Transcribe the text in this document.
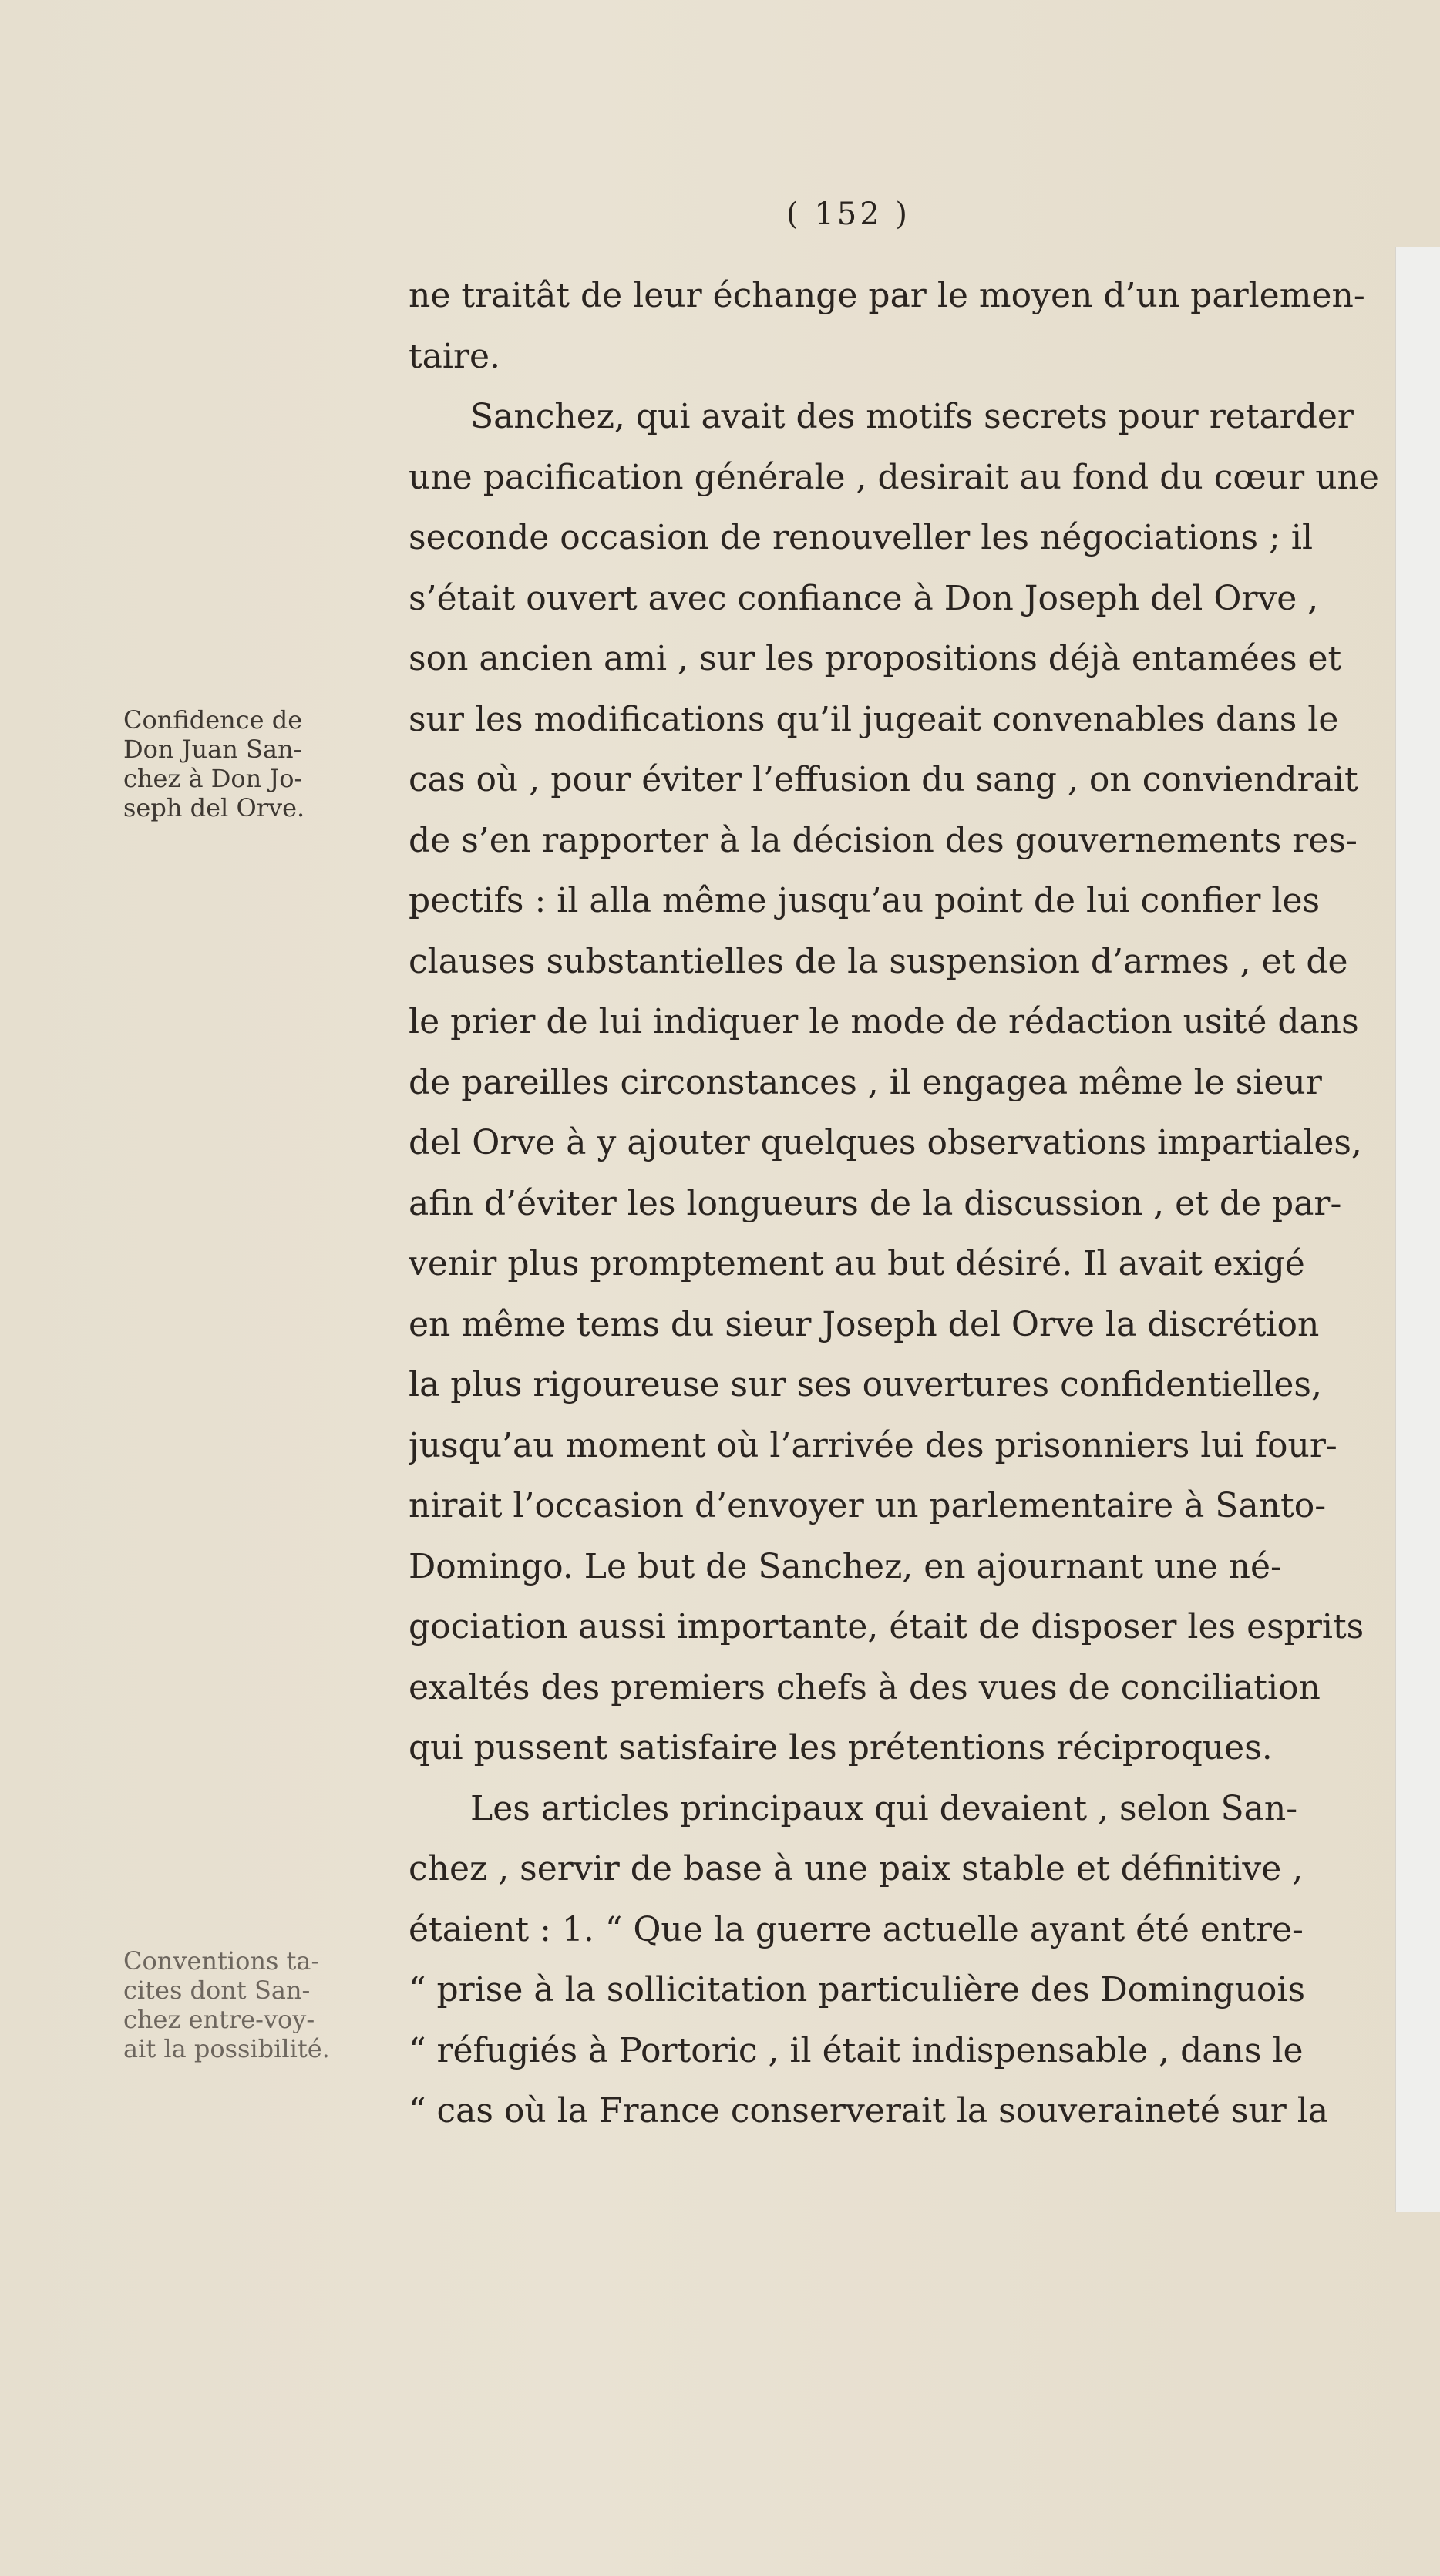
( 152 )
Confidence de
Don Juan San-
chez à Don Jo-
seph del Orve.
Conventions ta-
cites dont San-
chez entre-voy-
ait la possibilité.
ne traitât de leur échange par le moyen d’un parlemen-
taire.
Sanchez, qui avait des motifs secrets pour retarder
une pacification générale , desirait au fond du cœur une
seconde occasion de renouveller les négociations ; il
s’était ouvert avec confiance à Don Joseph del Orve ,
son ancien ami , sur les propositions déjà entamées et
sur les modifications qu’il jugeait convenables dans le
cas où , pour éviter l’effusion du sang , on conviendrait
de s’en rapporter à la décision des gouvernements res-
pectifs : il alla même jusqu’au point de lui confier les
clauses substantielles de la suspension d’armes , et de
le prier de lui indiquer le mode de rédaction usité dans
de pareilles circonstances , il engagea même le sieur
del Orve à y ajouter quelques observations impartiales,
afin d’éviter les longueurs de la discussion , et de par-
venir plus promptement au but désiré. Il avait exigé
en même tems du sieur Joseph del Orve la discrétion
la plus rigoureuse sur ses ouvertures confidentielles,
jusqu’au moment où l’arrivée des prisonniers lui four-
nirait l’occasion d’envoyer un parlementaire à Santo-
Domingo. Le but de Sanchez, en ajournant une né-
gociation aussi importante, était de disposer les esprits
exaltés des premiers chefs à des vues de conciliation
qui pussent satisfaire les prétentions réciproques.
Les articles principaux qui devaient , selon San-
chez , servir de base à une paix stable et définitive ,
étaient : 1. “ Que la guerre actuelle ayant été entre-
“ prise à la sollicitation particulière des Dominguois
“ réfugiés à Portoric , il était indispensable , dans le
“ cas où la France conserverait la souveraineté sur la
